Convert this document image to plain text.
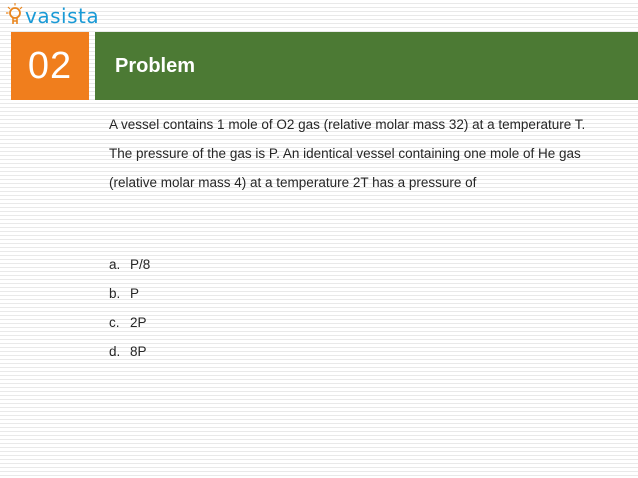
vasista
02 Problem
A vessel contains 1 mole of O2 gas (relative molar mass 32) at a temperature T. The pressure of the gas is P. An identical vessel containing one mole of He gas (relative molar mass 4) at a temperature 2T has a pressure of
a. P/8
b. P
c. 2P
d. 8P
